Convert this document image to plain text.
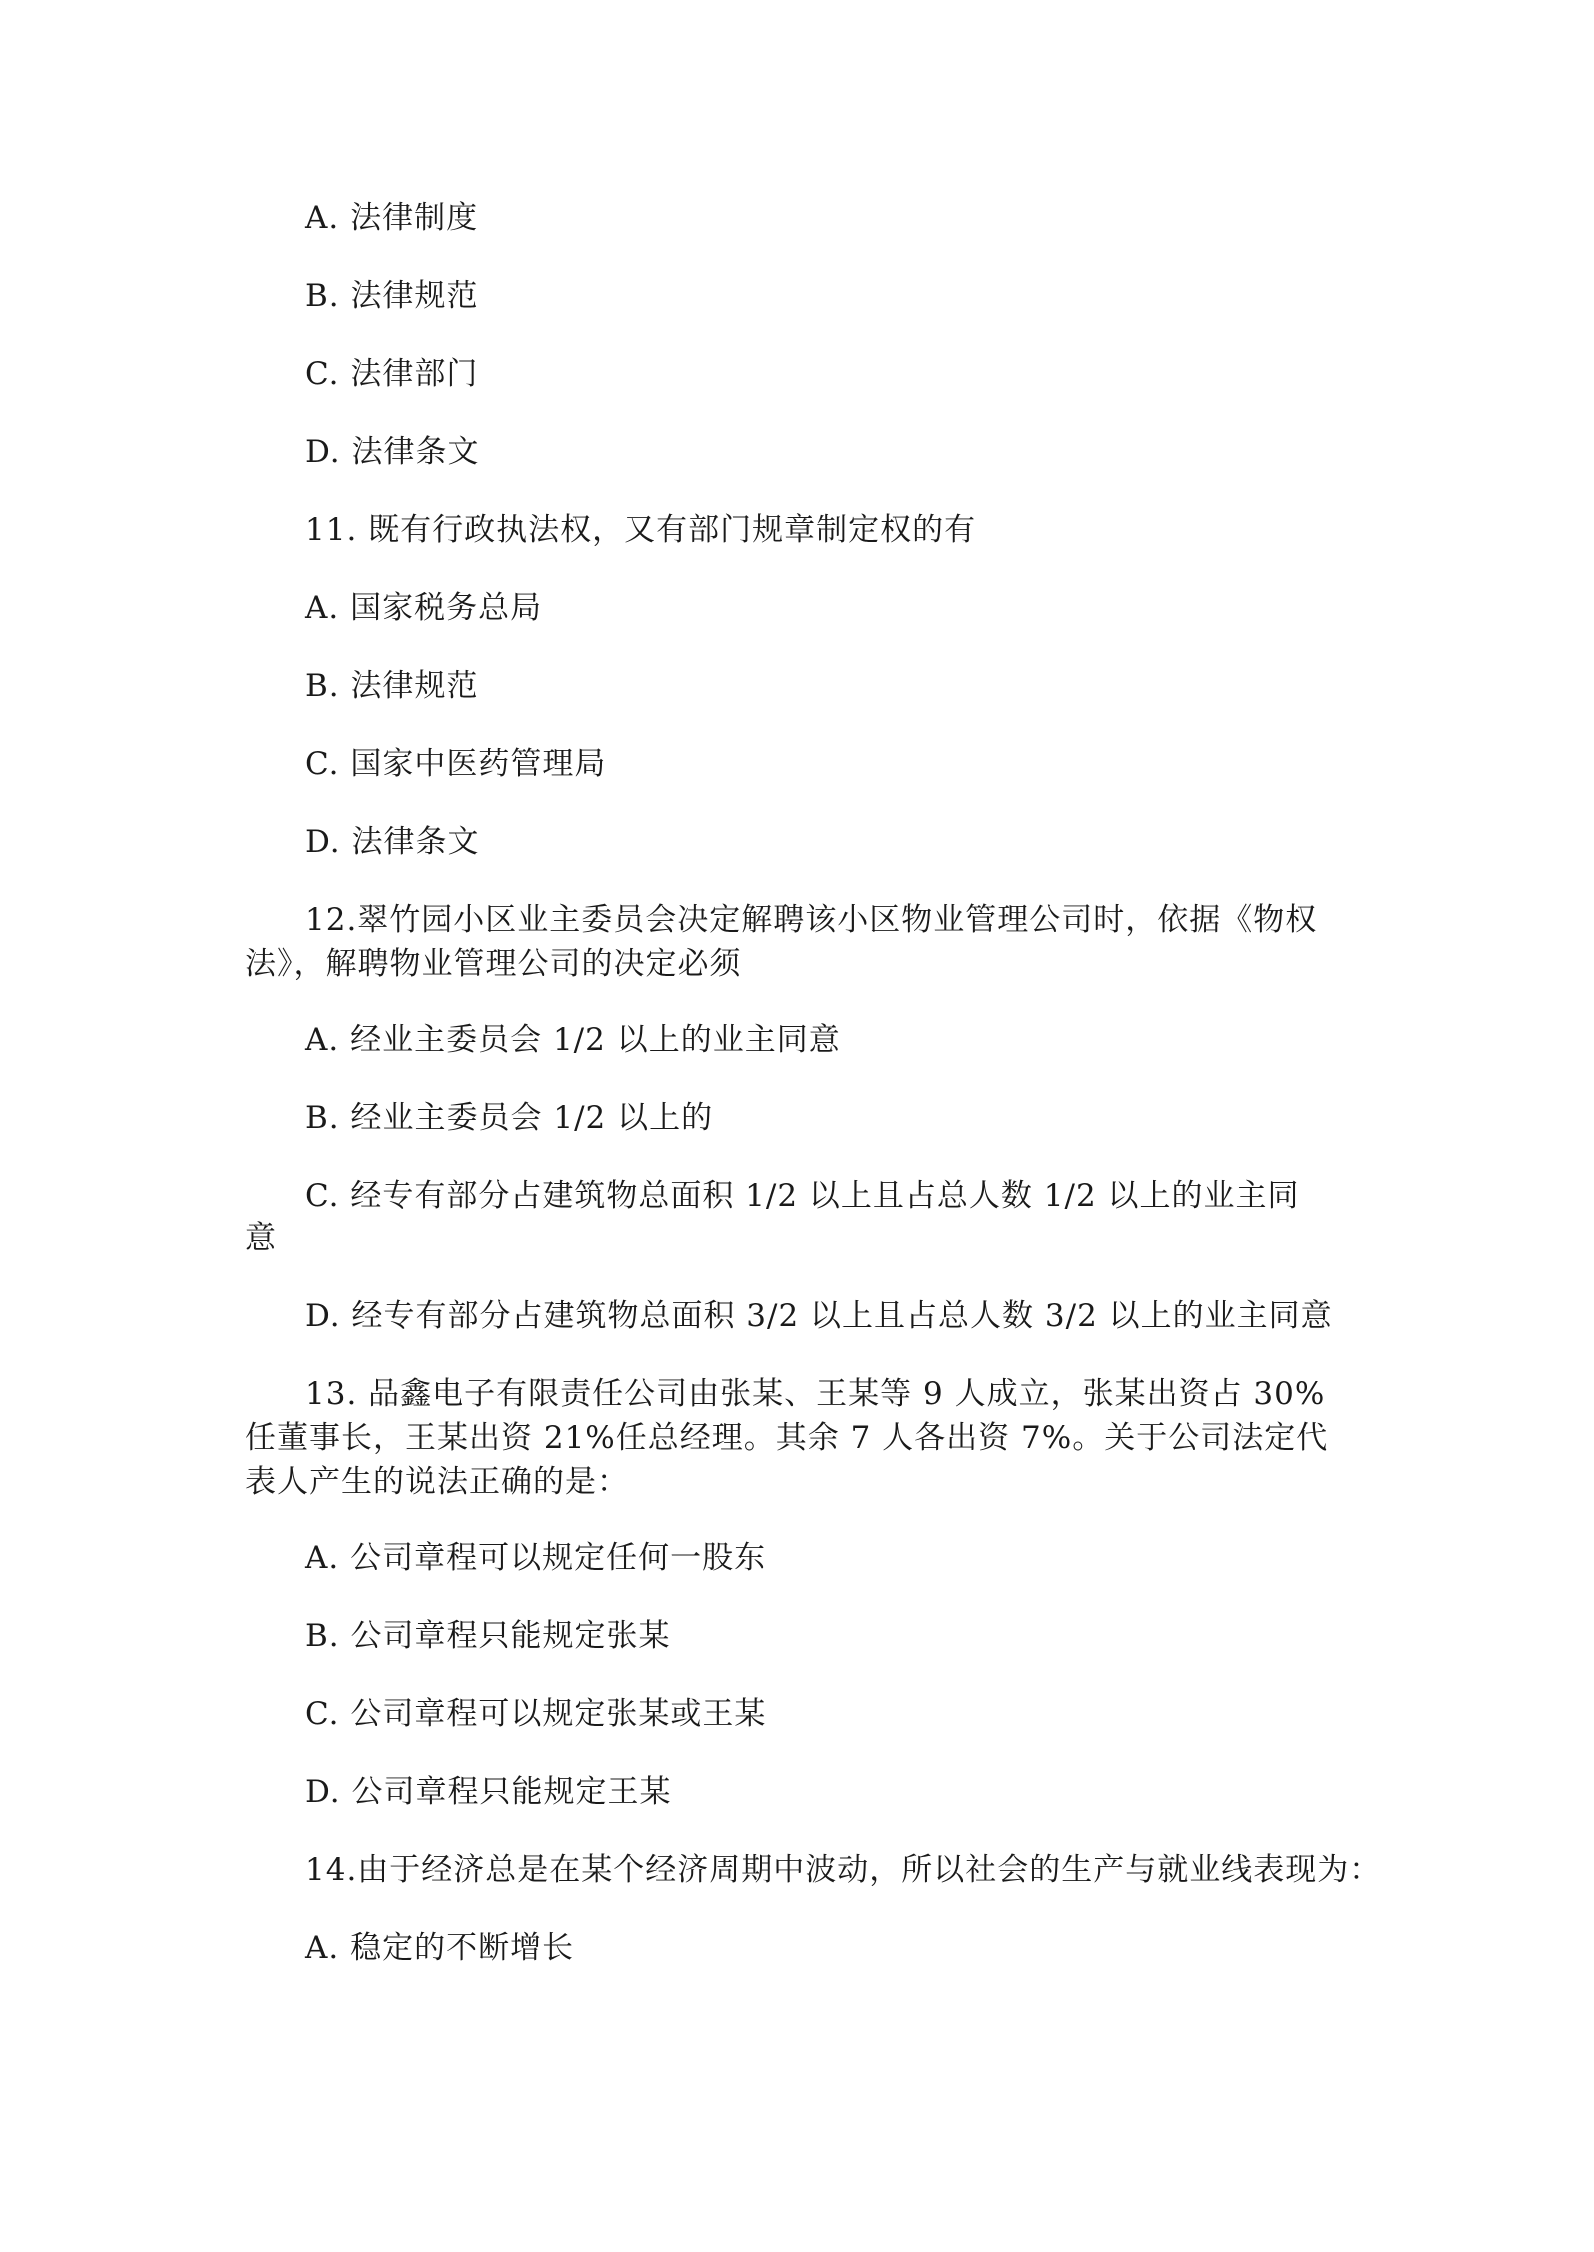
A. 法律制度
B. 法律规范
C. 法律部门
D. 法律条文
11. 既有行政执法权，又有部门规章制定权的有
A. 国家税务总局
B. 法律规范
C. 国家中医药管理局
D. 法律条文
12.翠竹园小区业主委员会决定解聘该小区物业管理公司时，依据《物权法》，解聘物业管理公司的决定必须
A. 经业主委员会 1/2 以上的业主同意
B. 经业主委员会 1/2 以上的
C. 经专有部分占建筑物总面积 1/2 以上且占总人数 1/2 以上的业主同
意
D. 经专有部分占建筑物总面积 3/2 以上且占总人数 3/2 以上的业主同意
13. 品鑫电子有限责任公司由张某、王某等 9 人成立，张某出资占 30%任董事长，王某出资 21%任总经理。其余 7 人各出资 7%。关于公司法定代表人产生的说法正确的是：
A. 公司章程可以规定任何一股东
B. 公司章程只能规定张某
C. 公司章程可以规定张某或王某
D. 公司章程只能规定王某
14.由于经济总是在某个经济周期中波动，所以社会的生产与就业线表现为：
A. 稳定的不断增长
